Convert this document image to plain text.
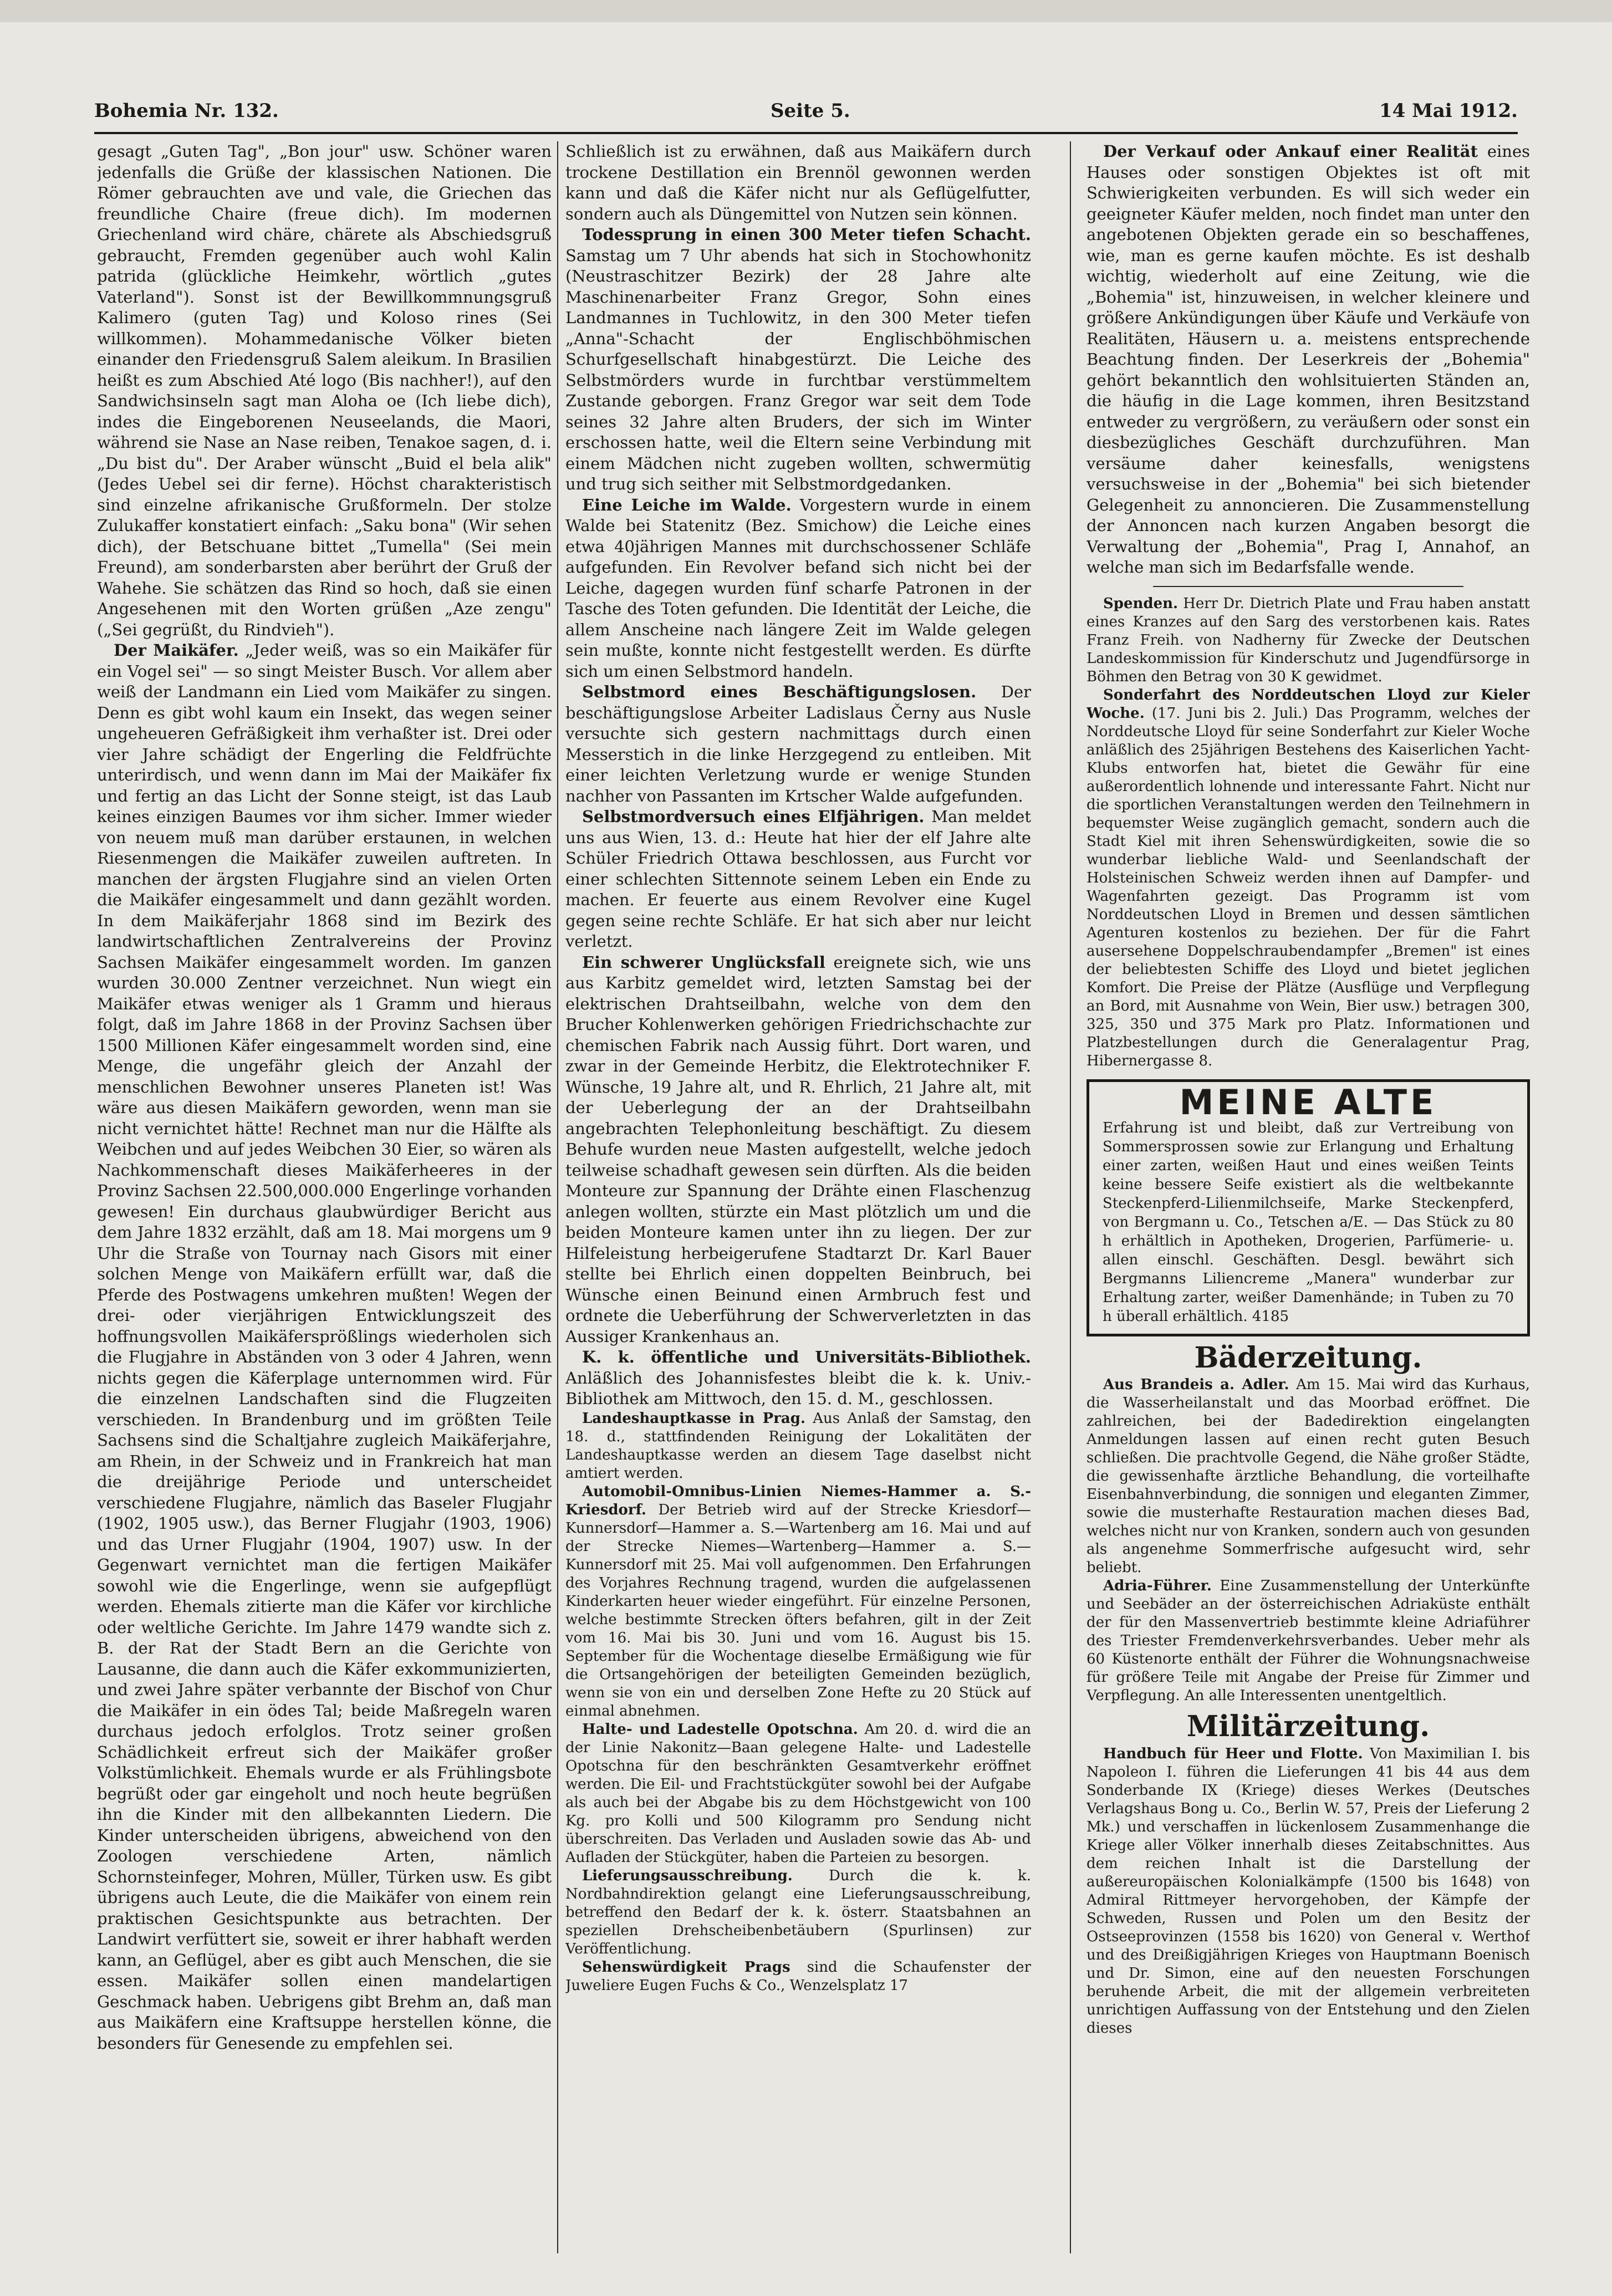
Bohemia Nr. 132.	Seite 5.	14 Mai 1912.

gesagt „Guten Tag", „Bon jour" usw. Schöner waren jedenfalls die Grüße der klassischen Nationen. Die Römer gebrauchten ave und vale, die Griechen das freundliche Chaire (freue dich). Im modernen Griechenland wird chäre, chärete als Abschiedsgruß gebraucht, Fremden gegenüber auch wohl Kalin patrida (glückliche Heimkehr, wörtlich „gutes Vaterland"). Sonst ist der Bewillkommnungsgruß Kalimero (guten Tag) und Koloso rines (Sei willkommen). Mohammedanische Völker bieten einander den Friedensgruß Salem aleikum. In Brasilien heißt es zum Abschied Até logo (Bis nachher!), auf den Sandwichsinseln sagt man Aloha oe (Ich liebe dich), indes die Eingeborenen Neuseelands, die Maori, während sie Nase an Nase reiben, Tenakoe sagen, d. i. „Du bist du". Der Araber wünscht „Buid el bela alik" (Jedes Uebel sei dir ferne). Höchst charakteristisch sind einzelne afrikanische Grußformeln. Der stolze Zulukaffer konstatiert einfach: „Saku bona" (Wir sehen dich), der Betschuane bittet „Tumella" (Sei mein Freund), am sonderbarsten aber berührt der Gruß der Wahehe. Sie schätzen das Rind so hoch, daß sie einen Angesehenen mit den Worten grüßen „Aze zengu" („Sei gegrüßt, du Rindvieh").

Der Maikäfer. „Jeder weiß, was so ein Maikäfer für ein Vogel sei" — so singt Meister Busch. Vor allem aber weiß der Landmann ein Lied vom Maikäfer zu singen. Denn es gibt wohl kaum ein Insekt, das wegen seiner ungeheueren Gefräßigkeit ihm verhaßter ist. Drei oder vier Jahre schädigt der Engerling die Feldfrüchte unterirdisch, und wenn dann im Mai der Maikäfer fix und fertig an das Licht der Sonne steigt, ist das Laub keines einzigen Baumes vor ihm sicher. Immer wieder von neuem muß man darüber erstaunen, in welchen Riesenmengen die Maikäfer zuweilen auftreten. In manchen der ärgsten Flugjahre sind an vielen Orten die Maikäfer eingesammelt und dann gezählt worden. In dem Maikäferjahr 1868 sind im Bezirk des landwirtschaftlichen Zentralvereins der Provinz Sachsen Maikäfer eingesammelt worden. Im ganzen wurden 30.000 Zentner verzeichnet. Nun wiegt ein Maikäfer etwas weniger als 1 Gramm und hieraus folgt, daß im Jahre 1868 in der Provinz Sachsen über 1500 Millionen Käfer eingesammelt worden sind, eine Menge, die ungefähr gleich der Anzahl der menschlichen Bewohner unseres Planeten ist! Was wäre aus diesen Maikäfern geworden, wenn man sie nicht vernichtet hätte! Rechnet man nur die Hälfte als Weibchen und auf jedes Weibchen 30 Eier, so wären als Nachkommenschaft dieses Maikäferheeres in der Provinz Sachsen 22.500,000.000 Engerlinge vorhanden gewesen! Ein durchaus glaubwürdiger Bericht aus dem Jahre 1832 erzählt, daß am 18. Mai morgens um 9 Uhr die Straße von Tournay nach Gisors mit einer solchen Menge von Maikäfern erfüllt war, daß die Pferde des Postwagens umkehren mußten! Wegen der drei- oder vierjährigen Entwicklungszeit des hoffnungsvollen Maikäfersprößlings wiederholen sich die Flugjahre in Abständen von 3 oder 4 Jahren, wenn nichts gegen die Käferplage unternommen wird. Für die einzelnen Landschaften sind die Flugzeiten verschieden. In Brandenburg und im größten Teile Sachsens sind die Schaltjahre zugleich Maikäferjahre, am Rhein, in der Schweiz und in Frankreich hat man die dreijährige Periode und unterscheidet verschiedene Flugjahre, nämlich das Baseler Flugjahr (1902, 1905 usw.), das Berner Flugjahr (1903, 1906) und das Urner Flugjahr (1904, 1907) usw. In der Gegenwart vernichtet man die fertigen Maikäfer sowohl wie die Engerlinge, wenn sie aufgepflügt werden. Ehemals zitierte man die Käfer vor kirchliche oder weltliche Gerichte. Im Jahre 1479 wandte sich z. B. der Rat der Stadt Bern an die Gerichte von Lausanne, die dann auch die Käfer exkommunizierten, und zwei Jahre später verbannte der Bischof von Chur die Maikäfer in ein ödes Tal; beide Maßregeln waren durchaus jedoch erfolglos. Trotz seiner großen Schädlichkeit erfreut sich der Maikäfer großer Volkstümlichkeit. Ehemals wurde er als Frühlingsbote begrüßt oder gar eingeholt und noch heute begrüßen ihn die Kinder mit den allbekannten Liedern. Die Kinder unterscheiden übrigens, abweichend von den Zoologen verschiedene Arten, nämlich Schornsteinfeger, Mohren, Müller, Türken usw. Es gibt übrigens auch Leute, die die Maikäfer von einem rein praktischen Gesichtspunkte aus betrachten. Der Landwirt verfüttert sie, soweit er ihrer habhaft werden kann, an Geflügel, aber es gibt auch Menschen, die sie essen. Maikäfer sollen einen mandelartigen Geschmack haben. Uebrigens gibt Brehm an, daß man aus Maikäfern eine Kraftsuppe herstellen könne, die besonders für Genesende zu empfehlen sei.

Schließlich ist zu erwähnen, daß aus Maikäfern durch trockene Destillation ein Brennöl gewonnen werden kann und daß die Käfer nicht nur als Geflügelfutter, sondern auch als Düngemittel von Nutzen sein können.

Todessprung in einen 300 Meter tiefen Schacht. Samstag um 7 Uhr abends hat sich in Stochowhonitz (Neustraschitzer Bezirk) der 28 Jahre alte Maschinenarbeiter Franz Gregor, Sohn eines Landmannes in Tuchlowitz, in den 300 Meter tiefen „Anna"-Schacht der Englischböhmischen Schurfgesellschaft hinabgestürzt. Die Leiche des Selbstmörders wurde in furchtbar verstümmeltem Zustande geborgen. Franz Gregor war seit dem Tode seines 32 Jahre alten Bruders, der sich im Winter erschossen hatte, weil die Eltern seine Verbindung mit einem Mädchen nicht zugeben wollten, schwermütig und trug sich seither mit Selbstmordgedanken.

Eine Leiche im Walde. Vorgestern wurde in einem Walde bei Statenitz (Bez. Smichow) die Leiche eines etwa 40jährigen Mannes mit durchschossener Schläfe aufgefunden. Ein Revolver befand sich nicht bei der Leiche, dagegen wurden fünf scharfe Patronen in der Tasche des Toten gefunden. Die Identität der Leiche, die allem Anscheine nach längere Zeit im Walde gelegen sein mußte, konnte nicht festgestellt werden. Es dürfte sich um einen Selbstmord handeln.

Selbstmord eines Beschäftigungslosen. Der beschäftigungslose Arbeiter Ladislaus Černy aus Nusle versuchte sich gestern nachmittags durch einen Messerstich in die linke Herzgegend zu entleiben. Mit einer leichten Verletzung wurde er wenige Stunden nachher von Passanten im Krtscher Walde aufgefunden.

Selbstmordversuch eines Elfjährigen. Man meldet uns aus Wien, 13. d.: Heute hat hier der elf Jahre alte Schüler Friedrich Ottawa beschlossen, aus Furcht vor einer schlechten Sittennote seinem Leben ein Ende zu machen. Er feuerte aus einem Revolver eine Kugel gegen seine rechte Schläfe. Er hat sich aber nur leicht verletzt.

Ein schwerer Unglücksfall ereignete sich, wie uns aus Karbitz gemeldet wird, letzten Samstag bei der elektrischen Drahtseilbahn, welche von dem den Brucher Kohlenwerken gehörigen Friedrichschachte zur chemischen Fabrik nach Aussig führt. Dort waren, und zwar in der Gemeinde Herbitz, die Elektrotechniker F. Wünsche, 19 Jahre alt, und R. Ehrlich, 21 Jahre alt, mit der Ueberlegung der an der Drahtseilbahn angebrachten Telephonleitung beschäftigt. Zu diesem Behufe wurden neue Masten aufgestellt, welche jedoch teilweise schadhaft gewesen sein dürften. Als die beiden Monteure zur Spannung der Drähte einen Flaschenzug anlegen wollten, stürzte ein Mast plötzlich um und die beiden Monteure kamen unter ihn zu liegen. Der zur Hilfeleistung herbeigerufene Stadtarzt Dr. Karl Bauer stellte bei Ehrlich einen doppelten Beinbruch, bei Wünsche einen Beinund einen Armbruch fest und ordnete die Ueberführung der Schwerverletzten in das Aussiger Krankenhaus an.

K. k. öffentliche und Universitäts-Bibliothek. Anläßlich des Johannisfestes bleibt die k. k. Univ.-Bibliothek am Mittwoch, den 15. d. M., geschlossen.

Landeshauptkasse in Prag. Aus Anlaß der Samstag, den 18. d., stattfindenden Reinigung der Lokalitäten der Landeshauptkasse werden an diesem Tage daselbst nicht amtiert werden.

Automobil-Omnibus-Linien Niemes-Hammer a. S.-Kriesdorf. Der Betrieb wird auf der Strecke Kriesdorf—Kunnersdorf—Hammer a. S.—Wartenberg am 16. Mai und auf der Strecke Niemes—Wartenberg—Hammer a. S.—Kunnersdorf mit 25. Mai voll aufgenommen. Den Erfahrungen des Vorjahres Rechnung tragend, wurden die aufgelassenen Kinderkarten heuer wieder eingeführt. Für einzelne Personen, welche bestimmte Strecken öfters befahren, gilt in der Zeit vom 16. Mai bis 30. Juni und vom 16. August bis 15. September für die Wochentage dieselbe Ermäßigung wie für die Ortsangehörigen der beteiligten Gemeinden bezüglich, wenn sie von ein und derselben Zone Hefte zu 20 Stück auf einmal abnehmen.

Halte- und Ladestelle Opotschna. Am 20. d. wird die an der Linie Nakonitz—Baan gelegene Halte- und Ladestelle Opotschna für den beschränkten Gesamtverkehr eröffnet werden. Die Eil- und Frachtstückgüter sowohl bei der Aufgabe als auch bei der Abgabe bis zu dem Höchstgewicht von 100 Kg. pro Kolli und 500 Kilogramm pro Sendung nicht überschreiten. Das Verladen und Ausladen sowie das Ab- und Aufladen der Stückgüter, haben die Parteien zu besorgen.

Lieferungsausschreibung.	Durch die k. k. Nordbahndirektion gelangt eine Lieferungsausschreibung, betreffend den Bedarf der k. k. österr. Staatsbahnen an speziellen Drehscheibenbetäubern (Spurlinsen) zur Veröffentlichung.

Sehenswürdigkeit Prags sind die Schaufenster der Juweliere Eugen Fuchs & Co., Wenzelsplatz 17

Der Verkauf oder Ankauf einer Realität eines Hauses oder sonstigen Objektes ist oft mit Schwierigkeiten verbunden. Es will sich weder ein geeigneter Käufer melden, noch findet man unter den angebotenen Objekten gerade ein so beschaffenes, wie, man es gerne kaufen möchte. Es ist deshalb wichtig, wiederholt auf eine Zeitung, wie die „Bohemia" ist, hinzuweisen, in welcher kleinere und größere Ankündigungen über Käufe und Verkäufe von Realitäten, Häusern u. a. meistens entsprechende Beachtung finden. Der Leserkreis der „Bohemia" gehört bekanntlich den wohlsituierten Ständen an, die häufig in die Lage kommen, ihren Besitzstand entweder zu vergrößern, zu veräußern oder sonst ein diesbezügliches Geschäft durchzuführen. Man versäume daher keinesfalls, wenigstens versuchsweise in der „Bohemia" bei sich bietender Gelegenheit zu annoncieren. Die Zusammenstellung der Annoncen nach kurzen Angaben besorgt die Verwaltung der „Bohemia", Prag I, Annahof, an welche man sich im Bedarfsfalle wende.

Spenden. Herr Dr. Dietrich Plate und Frau haben anstatt eines Kranzes auf den Sarg des verstorbenen kais. Rates Franz Freih. von Nadherny für Zwecke der Deutschen Landeskommission für Kinderschutz und Jugendfürsorge in Böhmen den Betrag von 30 K gewidmet.

Sonderfahrt des Norddeutschen Lloyd zur Kieler Woche. (17. Juni bis 2. Juli.) Das Programm, welches der Norddeutsche Lloyd für seine Sonderfahrt zur Kieler Woche anläßlich des 25jährigen Bestehens des Kaiserlichen Yacht-Klubs entworfen hat, bietet die Gewähr für eine außerordentlich lohnende und interessante Fahrt. Nicht nur die sportlichen Veranstaltungen werden den Teilnehmern in bequemster Weise zugänglich gemacht, sondern auch die Stadt Kiel mit ihren Sehenswürdigkeiten, sowie die so wunderbar liebliche Wald- und Seenlandschaft der Holsteinischen Schweiz werden ihnen auf Dampfer- und Wagenfahrten gezeigt. Das Programm ist vom Norddeutschen Lloyd in Bremen und dessen sämtlichen Agenturen kostenlos zu beziehen. Der für die Fahrt ausersehene Doppelschraubendampfer „Bremen" ist eines der beliebtesten Schiffe des Lloyd und bietet jeglichen Komfort. Die Preise der Plätze (Ausflüge und Verpflegung an Bord, mit Ausnahme von Wein, Bier usw.) betragen 300, 325, 350 und 375 Mark pro Platz. Informationen und Platzbestellungen durch die Generalagentur Prag, Hibernergasse 8.

MEINE ALTE

Erfahrung ist und bleibt, daß zur Vertreibung von Sommersprossen sowie zur Erlangung und Erhaltung einer zarten, weißen Haut und eines weißen Teints keine bessere Seife existiert als die weltbekannte Steckenpferd-Lilienmilchseife, Marke Steckenpferd, von Bergmann u. Co., Tetschen a/E. — Das Stück zu 80 h erhältlich in Apotheken, Drogerien, Parfümerie- u. allen einschl. Geschäften. Desgl. bewährt sich Bergmanns Liliencreme „Manera" wunderbar zur Erhaltung zarter, weißer Damenhände; in Tuben zu 70 h überall erhältlich. 4185

Bäderzeitung.

Aus Brandeis a. Adler. Am 15. Mai wird das Kurhaus, die Wasserheilanstalt und das Moorbad eröffnet. Die zahlreichen, bei der Badedirektion eingelangten Anmeldungen lassen auf einen recht guten Besuch schließen. Die prachtvolle Gegend, die Nähe großer Städte, die gewissenhafte ärztliche Behandlung, die vorteilhafte Eisenbahnverbindung, die sonnigen und eleganten Zimmer, sowie die musterhafte Restauration machen dieses Bad, welches nicht nur von Kranken, sondern auch von gesunden als angenehme Sommerfrische aufgesucht wird, sehr beliebt.

Adria-Führer. Eine Zusammenstellung der Unterkünfte und Seebäder an der österreichischen Adriaküste enthält der für den Massenvertrieb bestimmte kleine Adriaführer des Triester Fremdenverkehrsverbandes. Ueber mehr als 60 Küstenorte enthält der Führer die Wohnungsnachweise für größere Teile mit Angabe der Preise für Zimmer und Verpflegung. An alle Interessenten unentgeltlich.

Militärzeitung.

Handbuch für Heer und Flotte. Von Maximilian I. bis Napoleon I. führen die Lieferungen 41 bis 44 aus dem Sonderbande IX (Kriege) dieses Werkes (Deutsches Verlagshaus Bong u. Co., Berlin W. 57, Preis der Lieferung 2 Mk.) und verschaffen in lückenlosem Zusammenhange die Kriege aller Völker innerhalb dieses Zeitabschnittes. Aus dem reichen Inhalt ist die Darstellung der außereuropäischen Kolonialkämpfe (1500 bis 1648) von Admiral Rittmeyer hervorgehoben, der Kämpfe der Schweden, Russen und Polen um den Besitz der Ostseeprovinzen (1558 bis 1620) von General v. Werthof und des Dreißigjährigen Krieges von Hauptmann Boenisch und Dr. Simon, eine auf den neuesten Forschungen beruhende Arbeit, die mit der allgemein verbreiteten unrichtigen Auffassung von der Entstehung und den Zielen dieses
